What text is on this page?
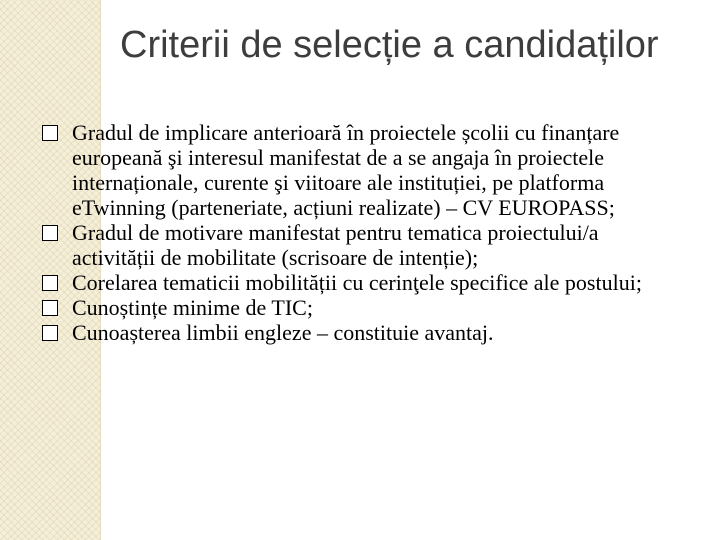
Criterii de selecție a candidaților
Gradul de implicare anterioară în proiectele școlii cu finanțare europeană şi interesul manifestat de a se angaja în proiectele internaționale, curente şi viitoare ale instituției, pe platforma eTwinning (parteneriate, acțiuni realizate) – CV EUROPASS;
Gradul de motivare manifestat pentru tematica proiectului/a activității de mobilitate (scrisoare de intenție);
Corelarea tematicii mobilității cu cerinţele specifice ale postului;
Cunoștințe minime de TIC;
Cunoașterea limbii engleze – constituie avantaj.
